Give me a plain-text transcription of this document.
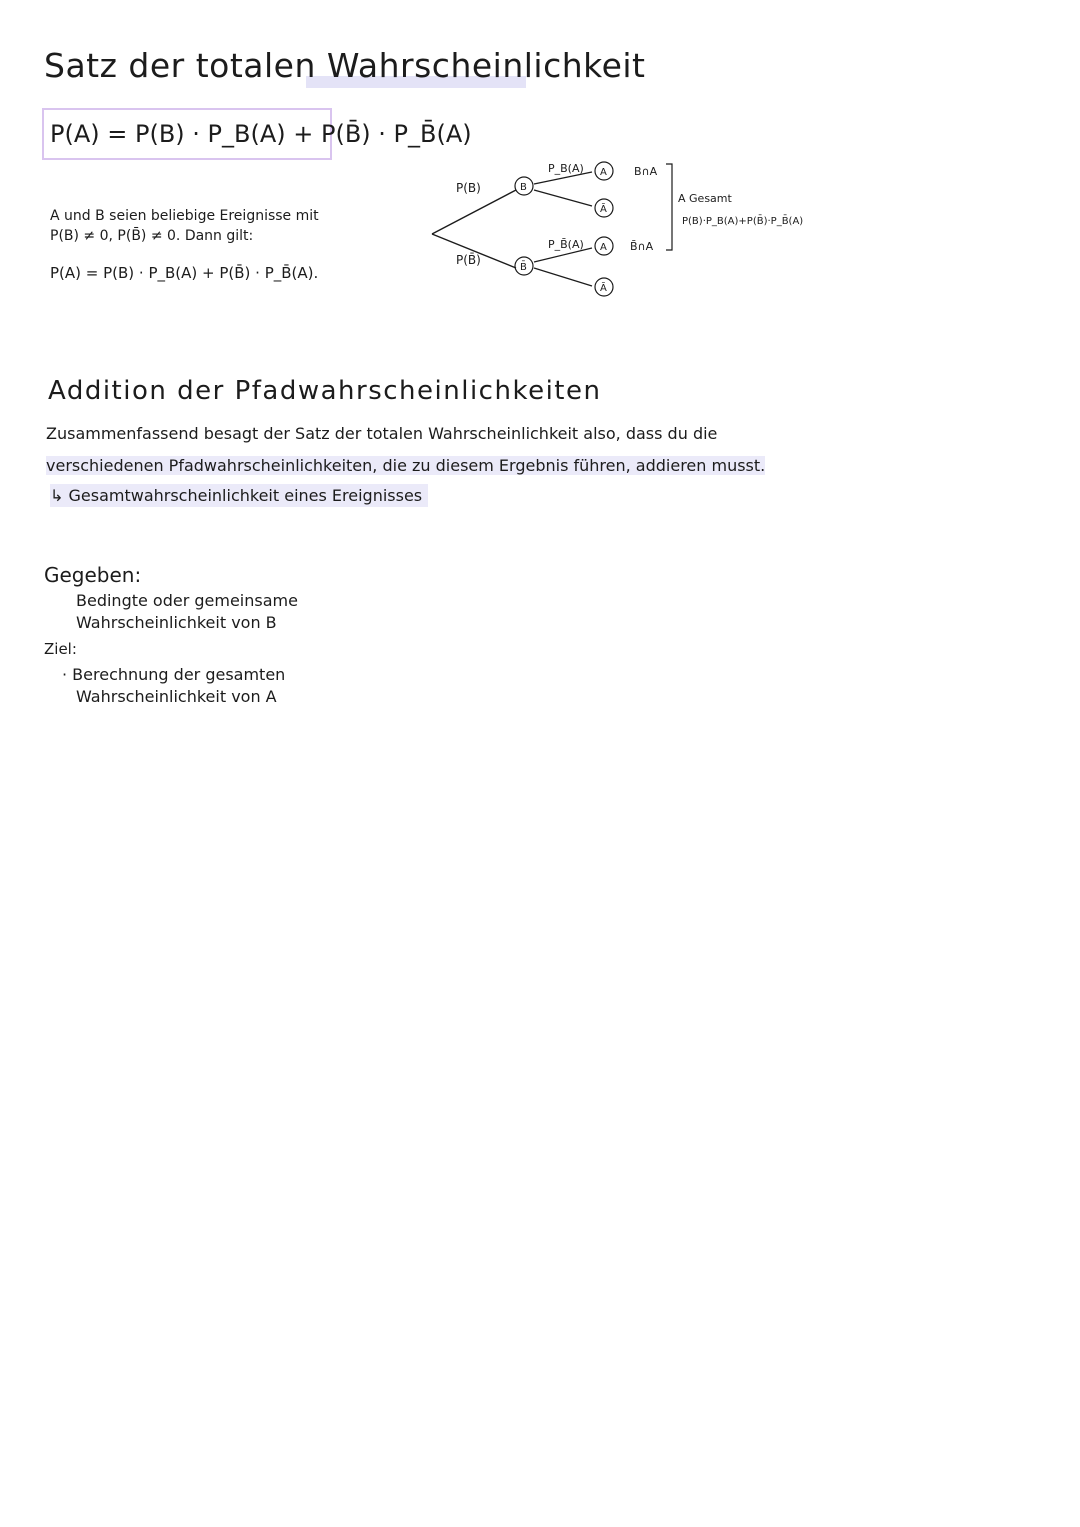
Satz der totalen Wahrscheinlichkeit
P(A) = P(B) · P_B(A) + P(B̄) · P_B̄(A)
A und B seien beliebige Ereignisse mit
P(B) ≠ 0, P(B̄) ≠ 0. Dann gilt:
P(A) = P(B) · P_B(A) + P(B̄) · P_B̄(A).
P(B)
P(B̄)
B
B̄
P_B(A)
P_B̄(A)
A
Ā
A
Ā
B∩A
B̄∩A
A Gesamt
P(B)·P_B(A)+P(B̄)·P_B̄(A)
Addition der Pfadwahrscheinlichkeiten
Zusammenfassend besagt der Satz der totalen Wahrscheinlichkeit also, dass du die
verschiedenen Pfadwahrscheinlichkeiten, die zu diesem Ergebnis führen, addieren musst.
↳ Gesamtwahrscheinlichkeit eines Ereignisses
Gegeben:
Bedingte oder gemeinsame
Wahrscheinlichkeit von B
Ziel:
· Berechnung der gesamten
Wahrscheinlichkeit von A
